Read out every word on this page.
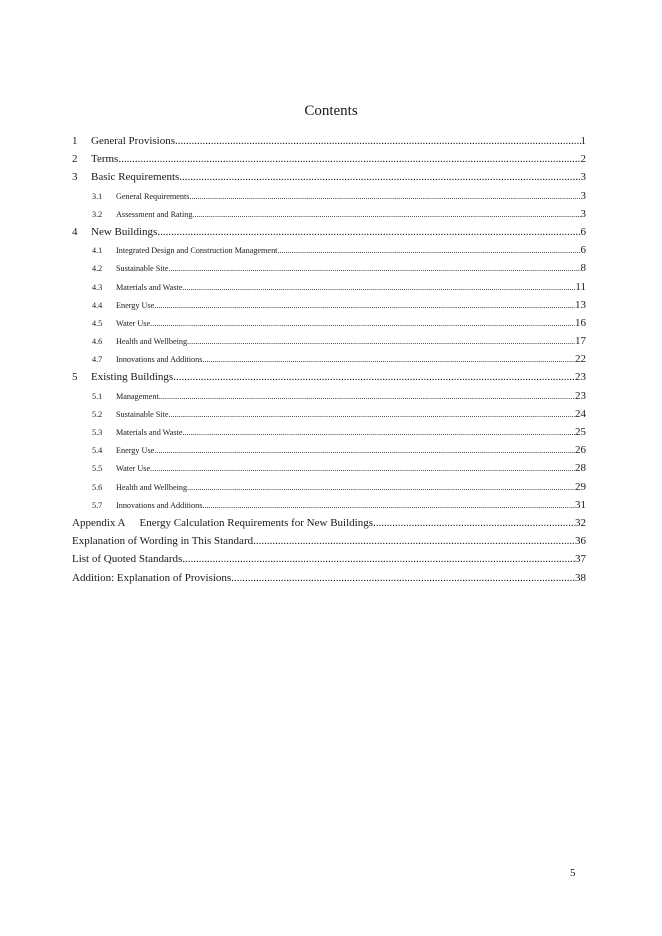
Contents
1	General Provisions .....	1
2	Terms .....	2
3	Basic Requirements .....	3
3.1	General Requirements .....	3
3.2	Assessment and Rating .....	3
4	New Buildings .....	6
4.1	Integrated Design and Construction Management .....	6
4.2	Sustainable Site .....	8
4.3	Materials and Waste .....	11
4.4	Energy Use .....	13
4.5	Water Use .....	16
4.6	Health and Wellbeing .....	17
4.7	Innovations and Additions .....	22
5	Existing Buildings .....	23
5.1	Management .....	23
5.2	Sustainable Site .....	24
5.3	Materials and Waste .....	25
5.4	Energy Use .....	26
5.5	Water Use .....	28
5.6	Health and Wellbeing .....	29
5.7	Innovations and Additions .....	31
Appendix A	Energy Calculation Requirements for New Buildings .....	32
Explanation of Wording in This Standard .....	36
List of Quoted Standards .....	37
Addition: Explanation of Provisions .....	38
5
